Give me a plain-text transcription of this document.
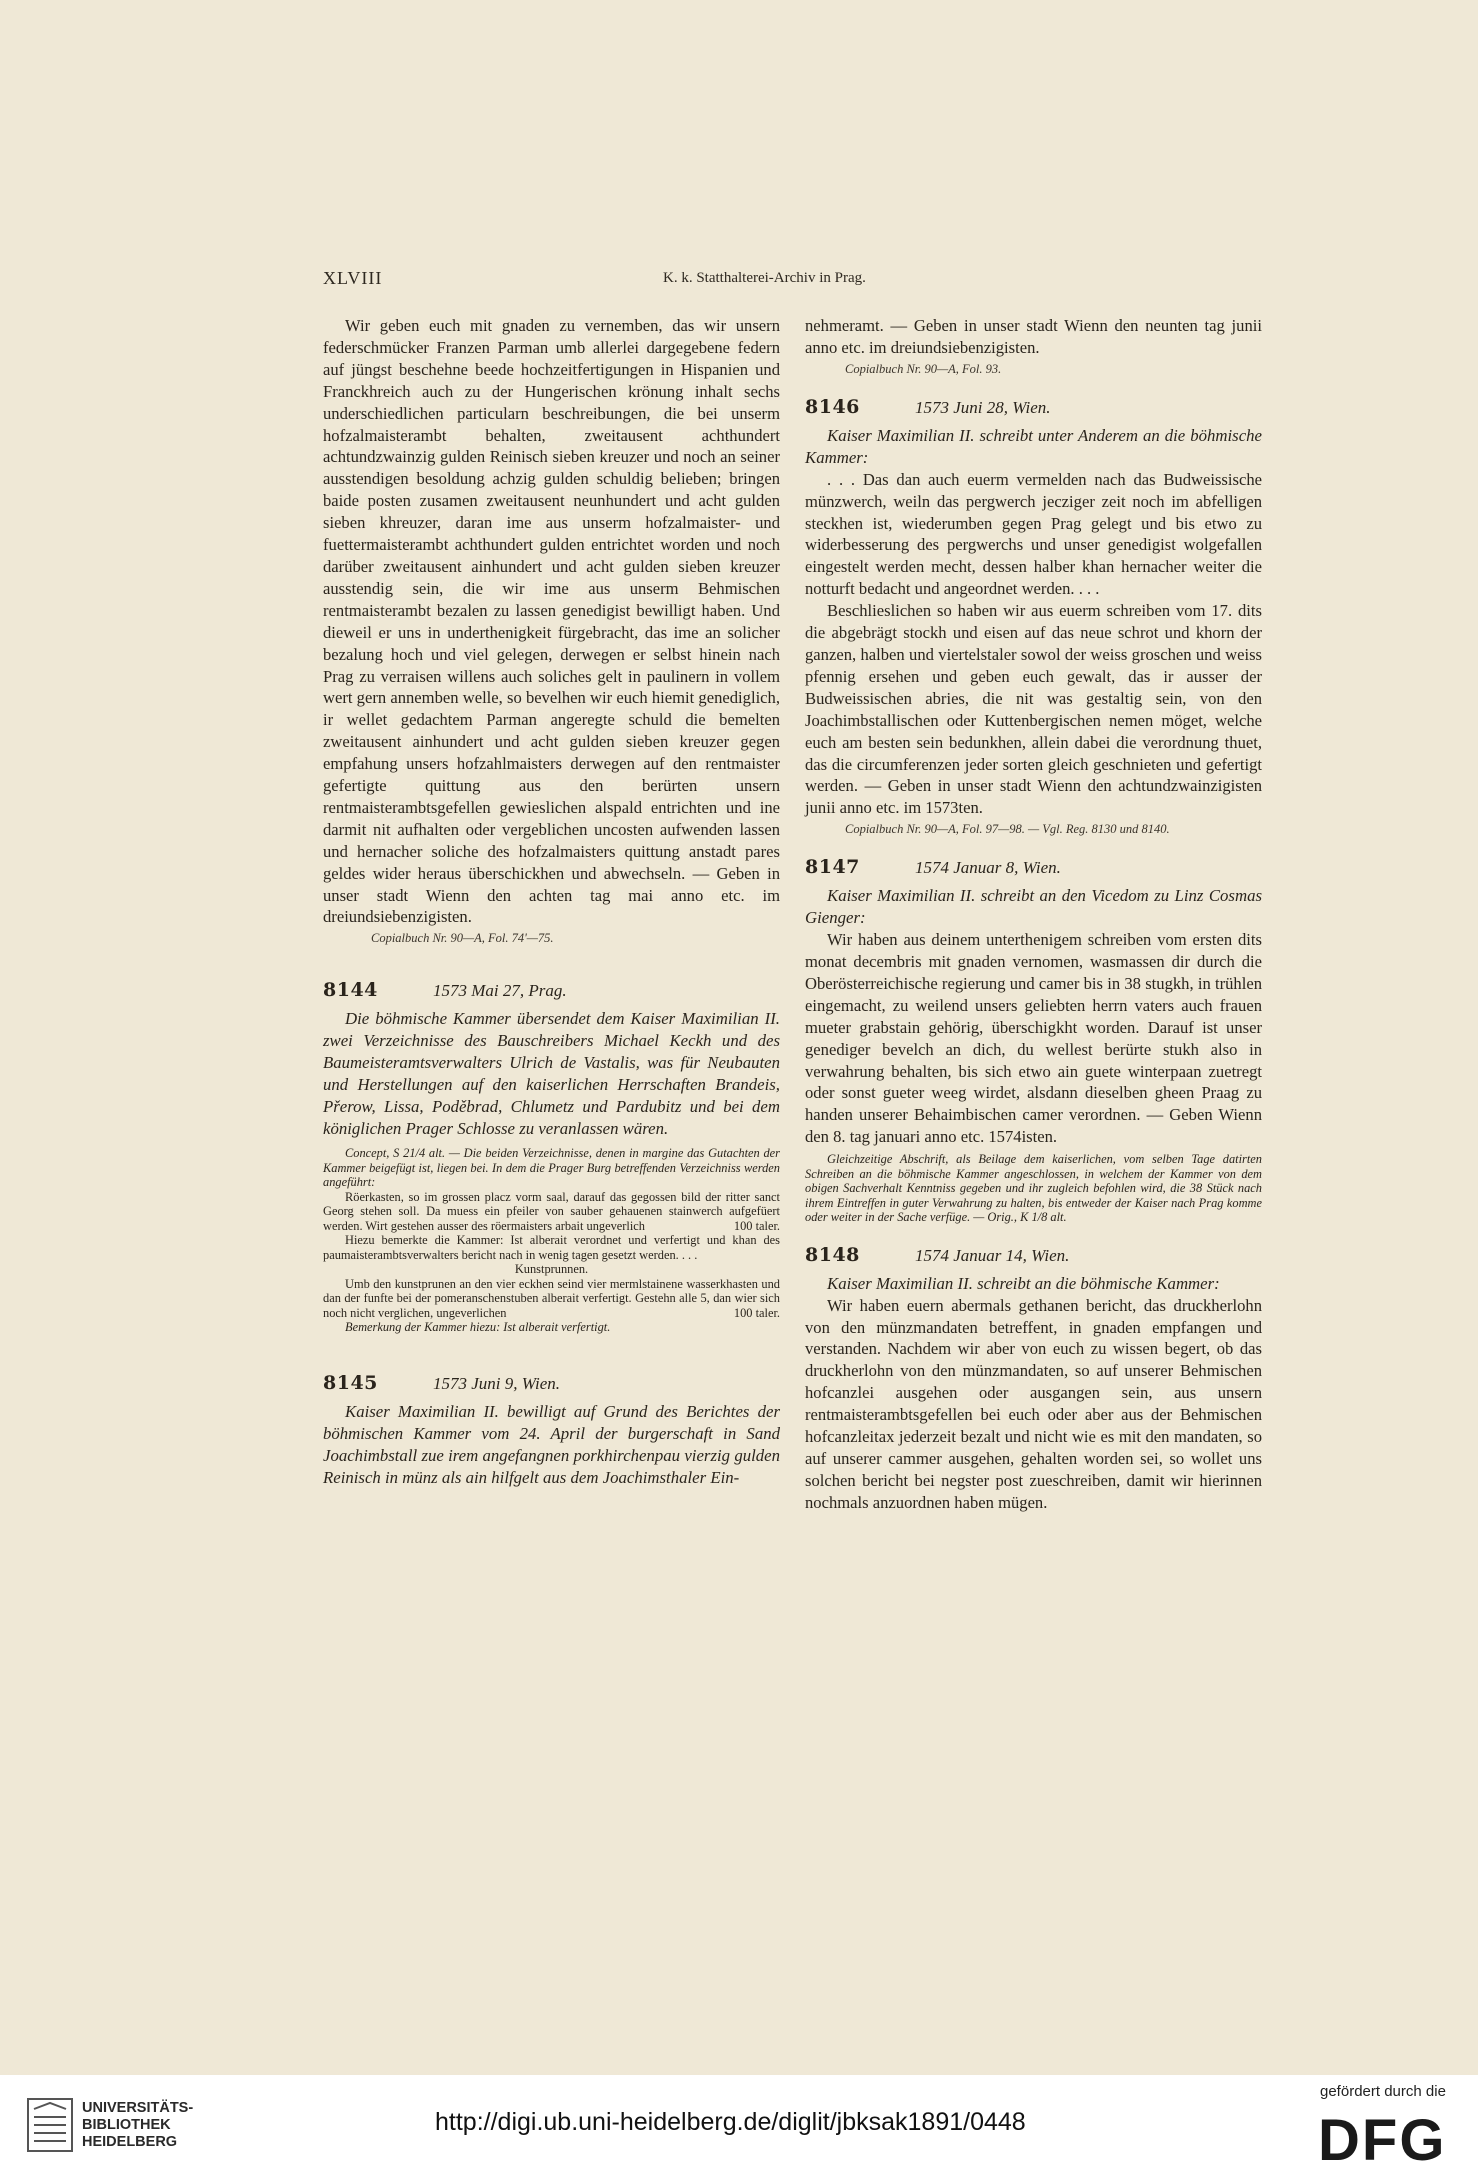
XLVIII	K. k. Statthalterei-Archiv in Prag.

Wir geben euch mit gnaden zu vernemben, das wir unsern federschmücker Franzen Parman umb allerlei dargegebene federn auf jüngst beschehne beede hochzeitfertigungen in Hispanien und Franckhreich auch zu der Hungerischen krönung inhalt sechs underschiedlichen particularn beschreibungen, die bei unserm hofzalmaisterambt behalten, zweitausent achthundert achtundzwainzig gulden Reinisch sieben kreuzer und noch an seiner ausstendigen besoldung achzig gulden schuldig belieben; bringen baide posten zusamen zweitausent neunhundert und acht gulden sieben khreuzer, daran ime aus unserm hofzalmaister- und fuettermaisterambt achthundert gulden entrichtet worden und noch darüber zweitausent ainhundert und acht gulden sieben kreuzer ausstendig sein, die wir ime aus unserm Behmischen rentmaisterambt bezalen zu lassen genedigist bewilligt haben. Und dieweil er uns in underthenigkeit fürgebracht, das ime an solicher bezalung hoch und viel gelegen, derwegen er selbst hinein nach Prag zu verraisen willens auch soliches gelt in paulinern in vollem wert gern annemben welle, so bevelhen wir euch hiemit genediglich, ir wellet gedachtem Parman angeregte schuld die bemelten zweitausent ainhundert und acht gulden sieben kreuzer gegen empfahung unsers hofzahlmaisters derwegen auf den rentmaister gefertigte quittung aus den berürten unsern rentmaisterambtsgefellen gewieslichen alspald entrichten und ine darmit nit aufhalten oder vergeblichen uncosten aufwenden lassen und hernacher soliche des hofzalmaisters quittung anstadt pares geldes wider heraus überschickhen und abwechseln. — Geben in unser stadt Wienn den achten tag mai anno etc. im dreiundsiebenzigisten.

Copialbuch Nr. 90—A, Fol. 74'—75.

8144	1573 Mai 27, Prag.

Die böhmische Kammer übersendet dem Kaiser Maximilian II. zwei Verzeichnisse des Bauschreibers Michael Keckh und des Baumeisteramtsverwalters Ulrich de Vastalis, was für Neubauten und Herstellungen auf den kaiserlichen Herrschaften Brandeis, Přerow, Lissa, Poděbrad, Chlumetz und Pardubitz und bei dem königlichen Prager Schlosse zu veranlassen wären.

Concept, S 21/4 alt. — Die beiden Verzeichnisse, denen in margine das Gutachten der Kammer beigefügt ist, liegen bei. In dem die Prager Burg betreffenden Verzeichniss werden angeführt:

Röerkasten, so im grossen placz vorm saal, darauf das gegossen bild der ritter sanct Georg stehen soll. Da muess ein pfeiler von sauber gehauenen stainwerch aufgefüert werden. Wirt gestehen ausser des röermaisters arbait ungeverlich	100 taler.

Hiezu bemerkte die Kammer: Ist alberait verordnet und verfertigt und khan des paumaisterambtsverwalters bericht nach in wenig tagen gesetzt werden. . . .

Kunstprunnen.

Umb den kunstprunen an den vier eckhen seind vier mermlstainene wasserkhasten und dan der funfte bei der pomeranschenstuben alberait verfertigt. Gestehn alle 5, dan wier sich noch nicht verglichen, ungeverlichen	100 taler.

Bemerkung der Kammer hiezu: Ist alberait verfertigt.

8145	1573 Juni 9, Wien.

Kaiser Maximilian II. bewilligt auf Grund des Berichtes der böhmischen Kammer vom 24. April der burgerschaft in Sand Joachimbstall zue irem angefangnen porkhirchenpau vierzig gulden Reinisch in münz als ain hilfgelt aus dem Joachimsthaler Ein-

nehmeramt. — Geben in unser stadt Wienn den neunten tag junii anno etc. im dreiundsiebenzigisten.

Copialbuch Nr. 90—A, Fol. 93.

8146	1573 Juni 28, Wien.

Kaiser Maximilian II. schreibt unter Anderem an die böhmische Kammer:

. . . Das dan auch euerm vermelden nach das Budweissische münzwerch, weiln das pergwerch jecziger zeit noch im abfelligen steckhen ist, wiederumben gegen Prag gelegt und bis etwo zu widerbesserung des pergwerchs und unser genedigist wolgefallen eingestelt werden mecht, dessen halber khan hernacher weiter die notturft bedacht und angeordnet werden. . . .

Beschlieslichen so haben wir aus euerm schreiben vom 17. dits die abgebrägt stockh und eisen auf das neue schrot und khorn der ganzen, halben und viertelstaler sowol der weiss groschen und weiss pfennig ersehen und geben euch gewalt, das ir ausser der Budweissischen abries, die nit was gestaltig sein, von den Joachimbstallischen oder Kuttenbergischen nemen möget, welche euch am besten sein bedunkhen, allein dabei die verordnung thuet, das die circumferenzen jeder sorten gleich geschnieten und gefertigt werden. — Geben in unser stadt Wienn den achtundzwainzigisten junii anno etc. im 1573ten.

Copialbuch Nr. 90—A, Fol. 97—98. — Vgl. Reg. 8130 und 8140.

8147	1574 Januar 8, Wien.

Kaiser Maximilian II. schreibt an den Vicedom zu Linz Cosmas Gienger:

Wir haben aus deinem unterthenigem schreiben vom ersten dits monat decembris mit gnaden vernomen, wasmassen dir durch die Oberösterreichische regierung und camer bis in 38 stugkh, in trühlen eingemacht, zu weilend unsers geliebten herrn vaters auch frauen mueter grabstain gehörig, überschigkht worden. Darauf ist unser genediger bevelch an dich, du wellest berürte stukh also in verwahrung behalten, bis sich etwo ain guete winterpaan zuetregt oder sonst gueter weeg wirdet, alsdann dieselben gheen Praag zu handen unserer Behaimbischen camer verordnen. — Geben Wienn den 8. tag januari anno etc. 1574isten.

Gleichzeitige Abschrift, als Beilage dem kaiserlichen, vom selben Tage datirten Schreiben an die böhmische Kammer angeschlossen, in welchem der Kammer von dem obigen Sachverhalt Kenntniss gegeben und ihr zugleich befohlen wird, die 38 Stück nach ihrem Eintreffen in guter Verwahrung zu halten, bis entweder der Kaiser nach Prag komme oder weiter in der Sache verfüge. — Orig., K 1/8 alt.

8148	1574 Januar 14, Wien.

Kaiser Maximilian II. schreibt an die böhmische Kammer:

Wir haben euern abermals gethanen bericht, das druckherlohn von den münzmandaten betreffent, in gnaden empfangen und verstanden. Nachdem wir aber von euch zu wissen begert, ob das druckherlohn von den münzmandaten, so auf unserer Behmischen hofcanzlei ausgehen oder ausgangen sein, aus unsern rentmaisterambtsgefellen bei euch oder aber aus der Behmischen hofcanzleitax jederzeit bezalt und nicht wie es mit den mandaten, so auf unserer cammer ausgehen, gehalten worden sei, so wollet uns solchen bericht bei negster post zueschreiben, damit wir hierinnen nochmals anzuordnen haben mügen.

UNIVERSITÄTS-
BIBLIOTHEK
HEIDELBERG
http://digi.ub.uni-heidelberg.de/diglit/jbksak1891/0448
gefördert durch die
DFG
